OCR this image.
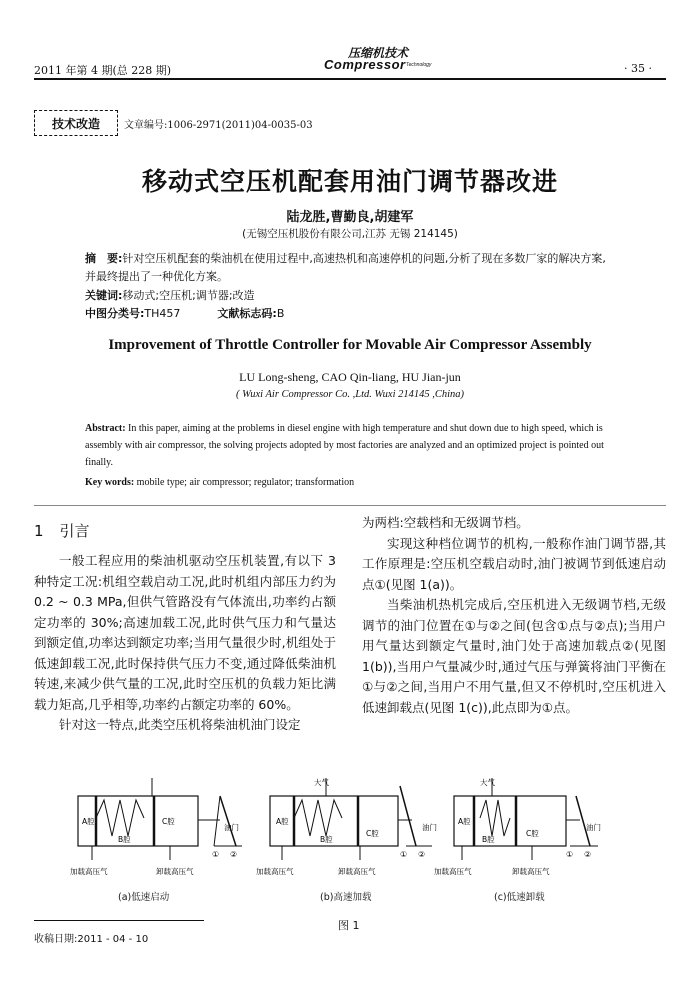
2011 年第 4 期(总 228 期)
压缩机技术
Compressor Technology	· 35 ·
技术改造 文章编号:1006-2971(2011)04-0035-03
移动式空压机配套用油门调节器改进
陆龙胜,曹勤良,胡建军
(无锡空压机股份有限公司,江苏 无锡 214145)
摘　要:针对空压机配套的柴油机在使用过程中,高速热机和高速停机的问题,分析了现在多数厂家的解决方案,并最终提出了一种优化方案。
关键词:移动式;空压机;调节器;改造
中图分类号:TH457	文献标志码:B
Improvement of Throttle Controller for Movable Air Compressor Assembly
LU Long-sheng, CAO Qin-liang, HU Jian-jun
( Wuxi Air Compressor Co. ,Ltd. Wuxi 214145 ,China)
Abstract: In this paper, aiming at the problems in diesel engine with high temperature and shut down due to high speed, which is assembly with air compressor, the solving projects adopted by most factories are analyzed and an optimized project is pointed out finally.
Key words: mobile type; air compressor; regulator; transformation
1 引言

一般工程应用的柴油机驱动空压机装置,有以下 3 种特定工况:机组空载启动工况,此时机组内部压力约为 0.2 ~ 0.3 MPa,但供气管路没有气体流出,功率约占额定功率的 30%;高速加载工况,此时供气压力和气量达到额定值,功率达到额定功率;当用气量很少时,机组处于低速卸载工况,此时保持供气压力不变,通过降低柴油机转速,来减少供气量的工况,此时空压机的负载力矩比满载力矩高,几乎相等,功率约占额定功率的 60%。

针对这一特点,此类空压机将柴油机油门设定

为两档:空载档和无级调节档。

实现这种档位调节的机构,一般称作油门调节器,其工作原理是:空压机空载启动时,油门被调节到低速启动点①(见图 1(a))。

当柴油机热机完成后,空压机进入无级调节档,无级调节的油门位置在①与②之间(包含①点与②点);当用户用气量达到额定气量时,油门处于高速加载点②(见图 1(b)),当用户气量减少时,通过气压与弹簧将油门平衡在①与②之间,当用户不用气量,但又不停机时,空压机进入低速卸载点(见图 1(c)),此点即为①点。

A腔
B腔
C腔
油门
① ②
大气
A腔
B腔
C腔
油门
① ②
大气
A腔
B腔
C腔
油门
① ②
加载高压气	卸载高压气	加载高压气	卸载高压气	加载高压气	卸载高压气
(a)低速启动	(b)高速加载	(c)低速卸载
图 1
收稿日期:2011 - 04 - 10
